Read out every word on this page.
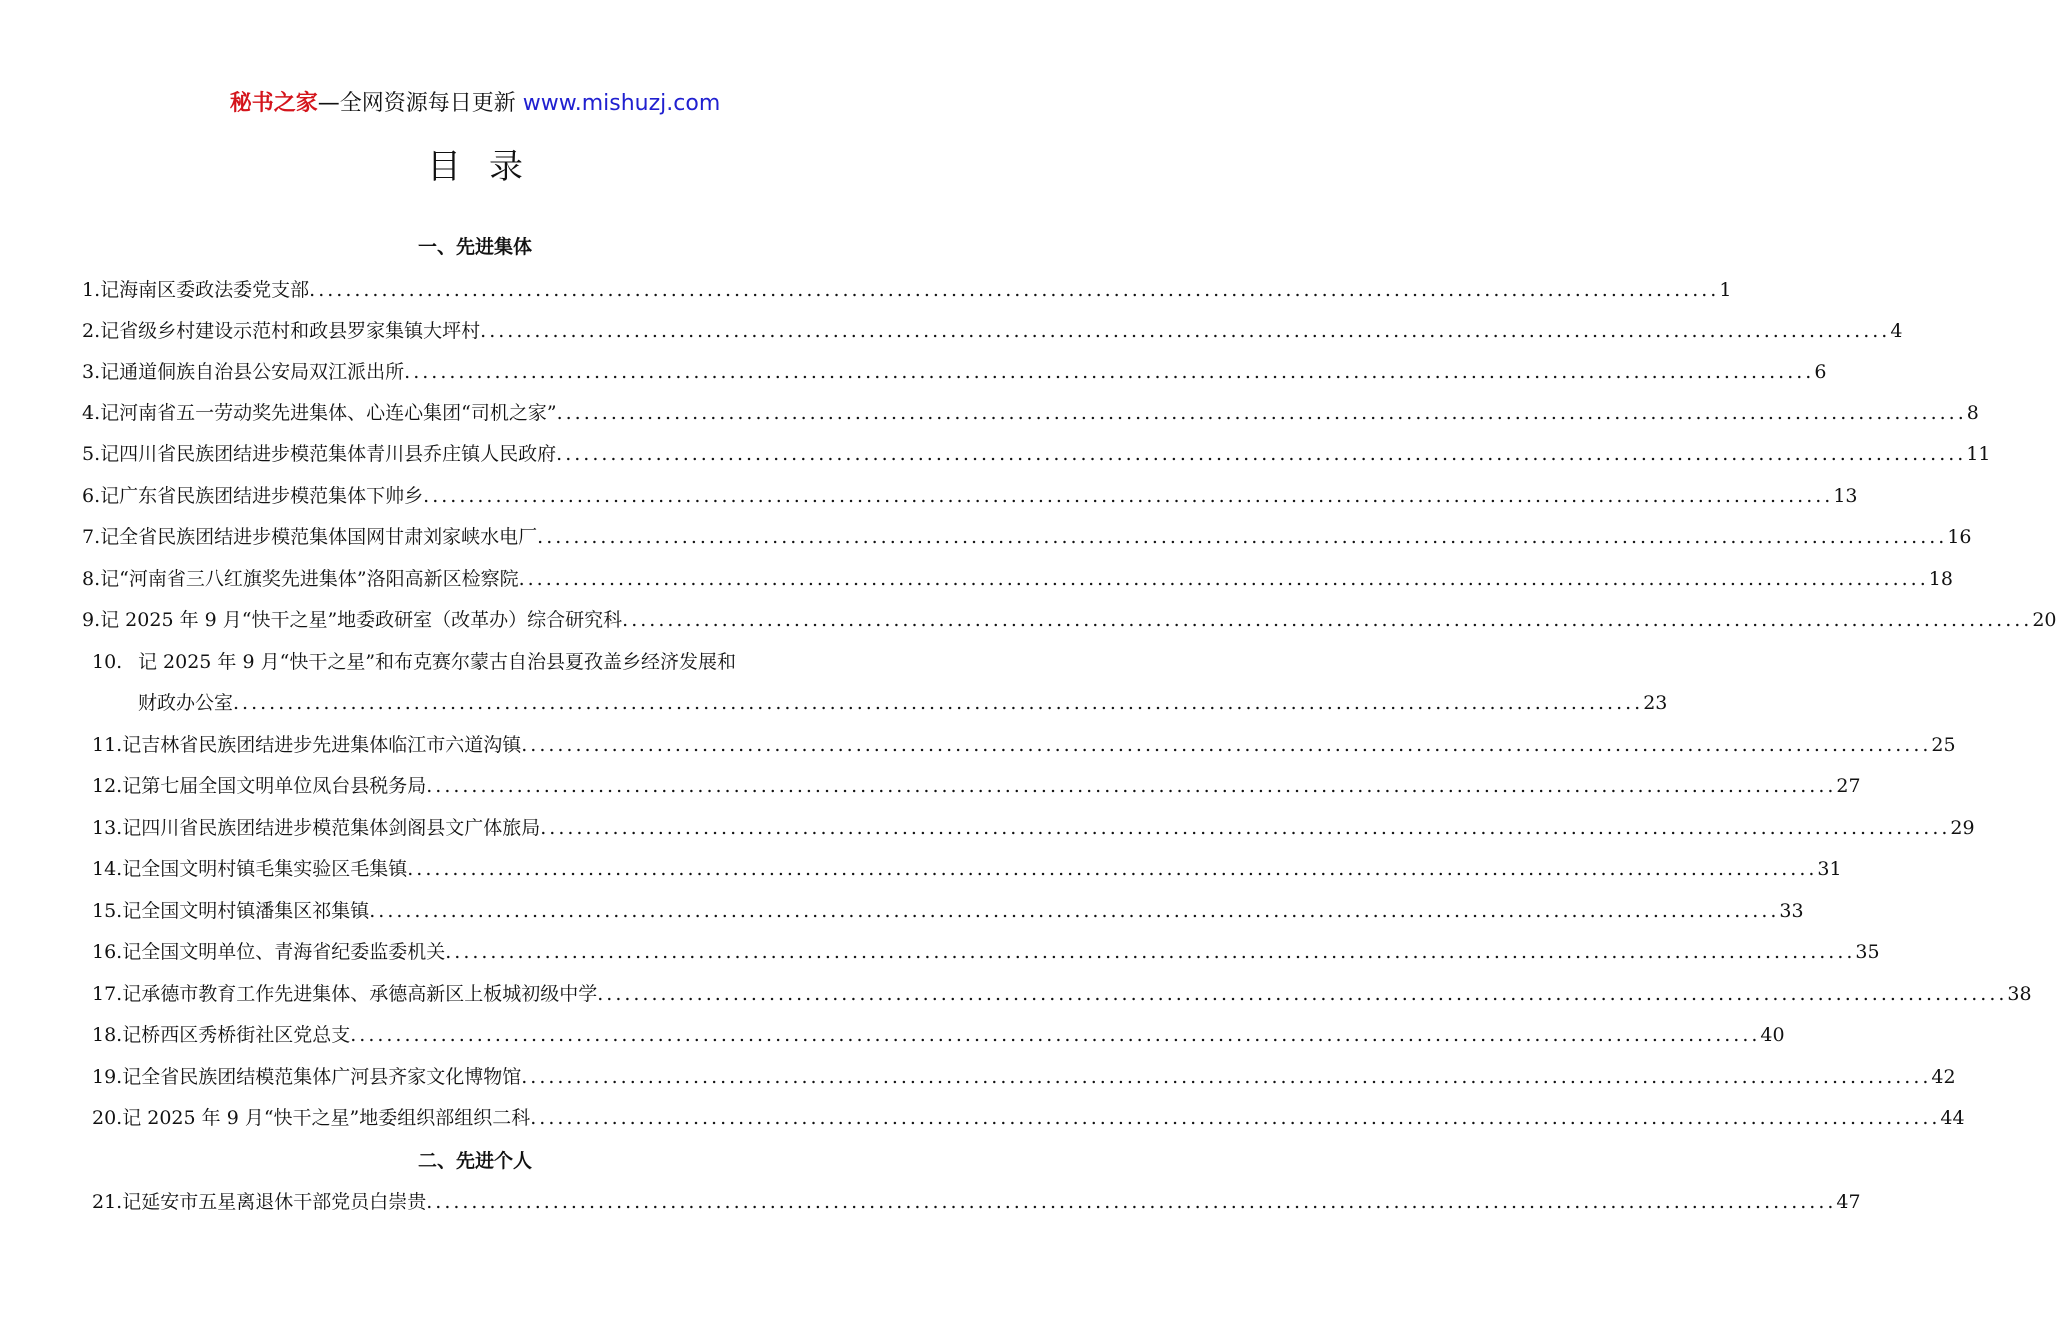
秘书之家—全网资源每日更新 www.mishuzj.com
目录
一、先进集体
1. 记海南区委政法委党支部 .....	1
2. 记省级乡村建设示范村和政县罗家集镇大坪村 .....	4
3. 记通道侗族自治县公安局双江派出所 .....	6
4. 记河南省五一劳动奖先进集体、心连心集团“司机之家” .....	8
5. 记四川省民族团结进步模范集体青川县乔庄镇人民政府 .....	11
6. 记广东省民族团结进步模范集体下帅乡 .....	13
7. 记全省民族团结进步模范集体国网甘肃刘家峡水电厂 .....	16
8. 记“河南省三八红旗奖先进集体”洛阳高新区检察院 .....	18
9. 记 2025 年 9 月“快干之星”地委政研室（改革办）综合研究科 .....	20
10. 记 2025 年 9 月“快干之星”和布克赛尔蒙古自治县夏孜盖乡经济发展和
财政办公室 .....	23
11. 记吉林省民族团结进步先进集体临江市六道沟镇 .....	25
12. 记第七届全国文明单位凤台县税务局 .....	27
13. 记四川省民族团结进步模范集体剑阁县文广体旅局 .....	29
14. 记全国文明村镇毛集实验区毛集镇 .....	31
15. 记全国文明村镇潘集区祁集镇 .....	33
16. 记全国文明单位、青海省纪委监委机关 .....	35
17. 记承德市教育工作先进集体、承德高新区上板城初级中学 .....	38
18. 记桥西区秀桥街社区党总支 .....	40
19. 记全省民族团结模范集体广河县齐家文化博物馆 .....	42
20. 记 2025 年 9 月“快干之星”地委组织部组织二科 .....	44
二、先进个人
21. 记延安市五星离退休干部党员白崇贵 .....	47
